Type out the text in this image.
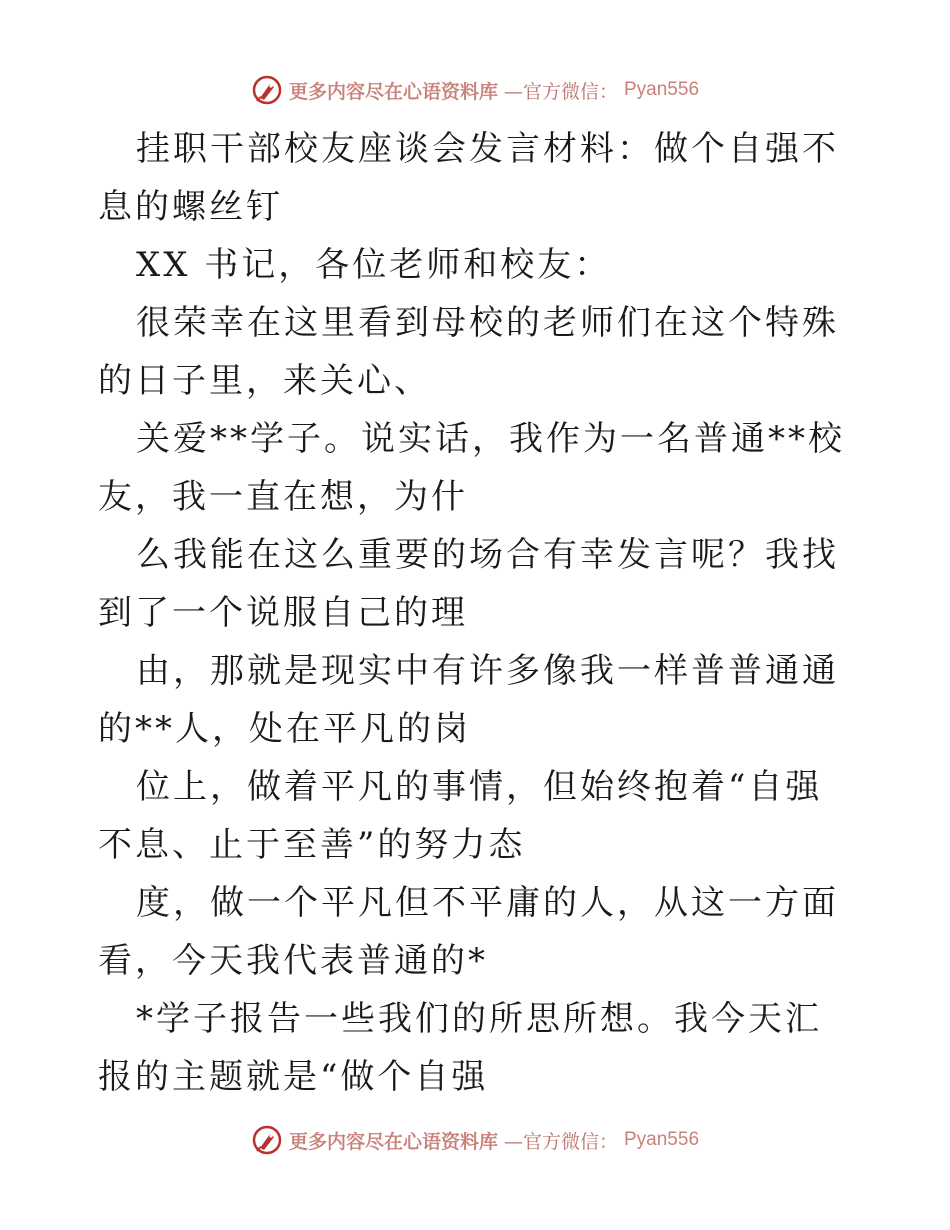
更多内容尽在心语资料库 —官方微信： Pyan556

挂职干部校友座谈会发言材料：做个自强不息的螺丝钉

XX 书记，各位老师和校友：

很荣幸在这里看到母校的老师们在这个特殊的日子里，来关心、

关爱**学子。说实话，我作为一名普通**校友，我一直在想，为什

么我能在这么重要的场合有幸发言呢？我找到了一个说服自己的理

由，那就是现实中有许多像我一样普普通通的**人，处在平凡的岗

位上，做着平凡的事情，但始终抱着“自强不息、止于至善”的努力态

度，做一个平凡但不平庸的人，从这一方面看，今天我代表普通的*

*学子报告一些我们的所思所想。我今天汇报的主题就是“做个自强

更多内容尽在心语资料库 —官方微信： Pyan556
